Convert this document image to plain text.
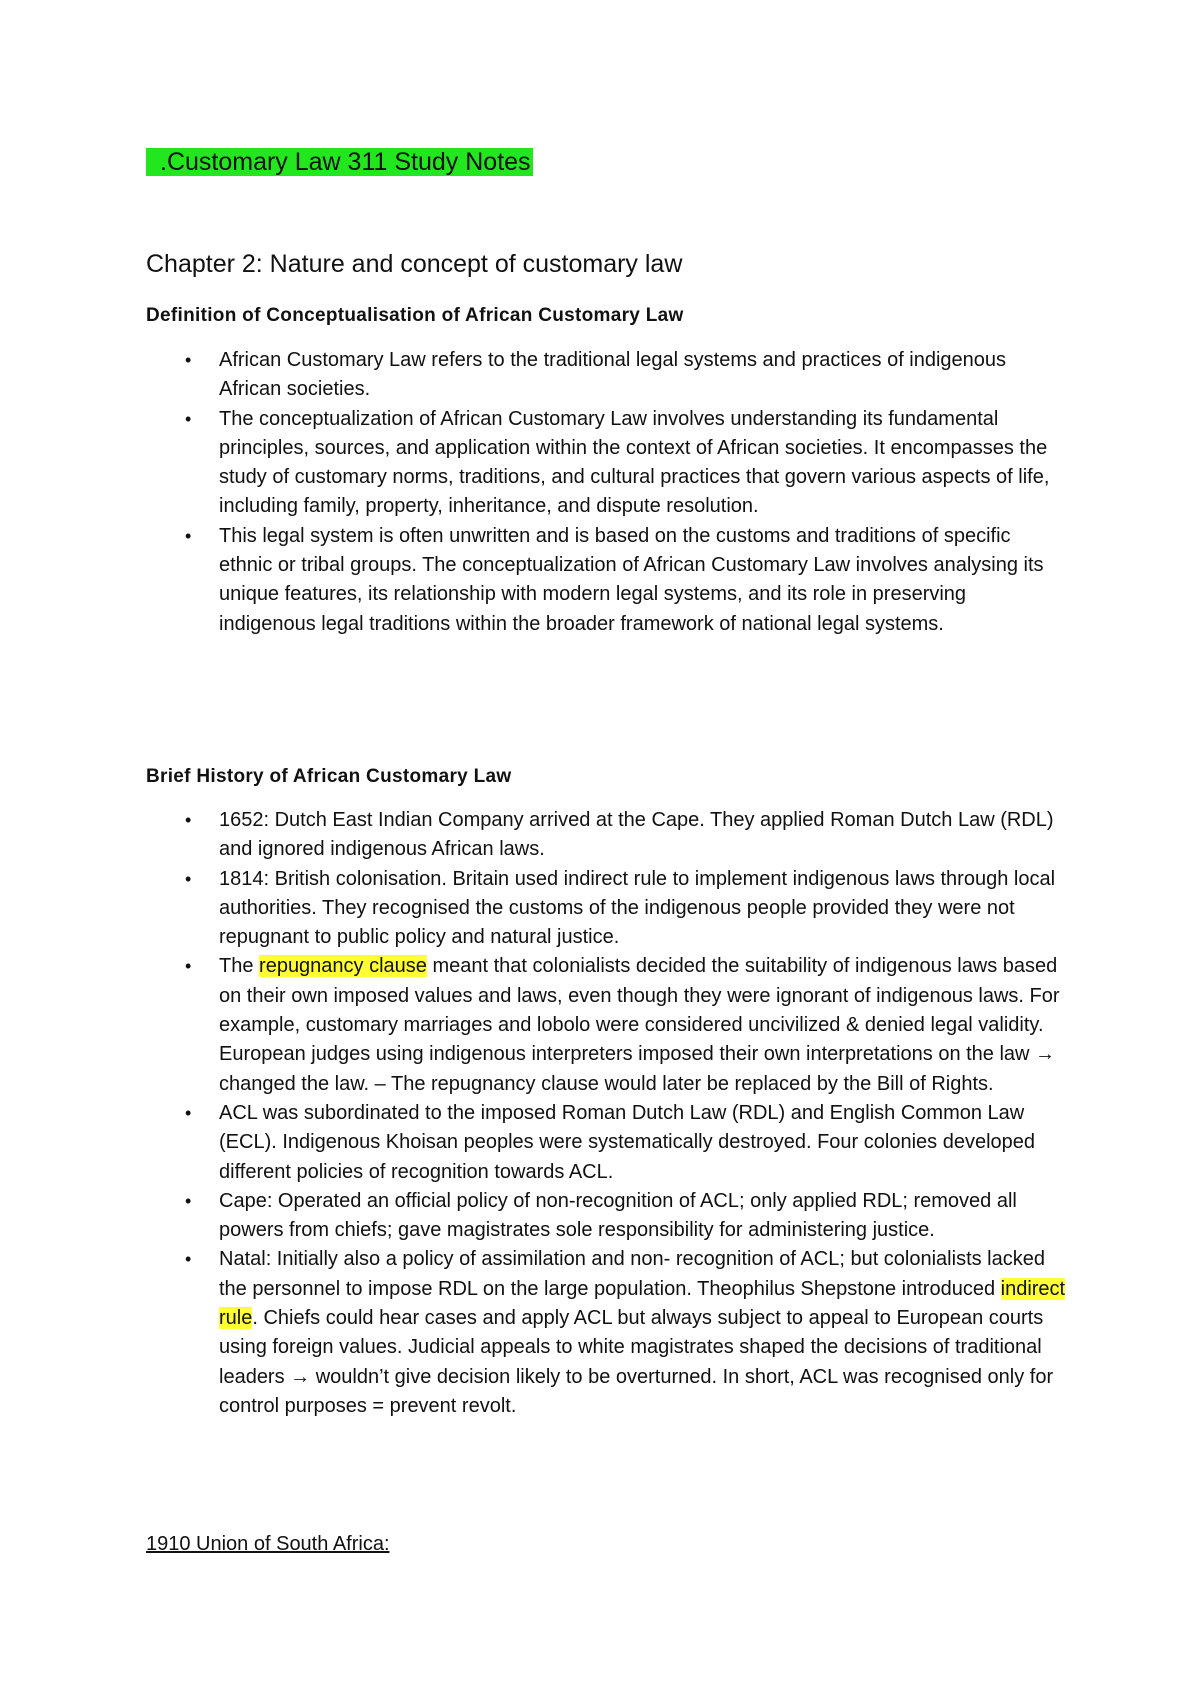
.Customary Law 311 Study Notes
Chapter 2: Nature and concept of customary law
Definition of Conceptualisation of African Customary Law
• African Customary Law refers to the traditional legal systems and practices of indigenous African societies.
• The conceptualization of African Customary Law involves understanding its fundamental principles, sources, and application within the context of African societies. It encompasses the study of customary norms, traditions, and cultural practices that govern various aspects of life, including family, property, inheritance, and dispute resolution.
• This legal system is often unwritten and is based on the customs and traditions of specific ethnic or tribal groups. The conceptualization of African Customary Law involves analysing its unique features, its relationship with modern legal systems, and its role in preserving indigenous legal traditions within the broader framework of national legal systems.
Brief History of African Customary Law
• 1652: Dutch East Indian Company arrived at the Cape. They applied Roman Dutch Law (RDL) and ignored indigenous African laws.
• 1814: British colonisation. Britain used indirect rule to implement indigenous laws through local authorities. They recognised the customs of the indigenous people provided they were not repugnant to public policy and natural justice.
• The repugnancy clause meant that colonialists decided the suitability of indigenous laws based on their own imposed values and laws, even though they were ignorant of indigenous laws. For example, customary marriages and lobolo were considered uncivilized & denied legal validity. European judges using indigenous interpreters imposed their own interpretations on the law → changed the law. – The repugnancy clause would later be replaced by the Bill of Rights.
• ACL was subordinated to the imposed Roman Dutch Law (RDL) and English Common Law (ECL). Indigenous Khoisan peoples were systematically destroyed. Four colonies developed different policies of recognition towards ACL.
• Cape: Operated an official policy of non-recognition of ACL; only applied RDL; removed all powers from chiefs; gave magistrates sole responsibility for administering justice.
• Natal: Initially also a policy of assimilation and non- recognition of ACL; but colonialists lacked the personnel to impose RDL on the large population. Theophilus Shepstone introduced indirect rule. Chiefs could hear cases and apply ACL but always subject to appeal to European courts using foreign values. Judicial appeals to white magistrates shaped the decisions of traditional leaders → wouldn’t give decision likely to be overturned. In short, ACL was recognised only for control purposes = prevent revolt.

1910 Union of South Africa:
